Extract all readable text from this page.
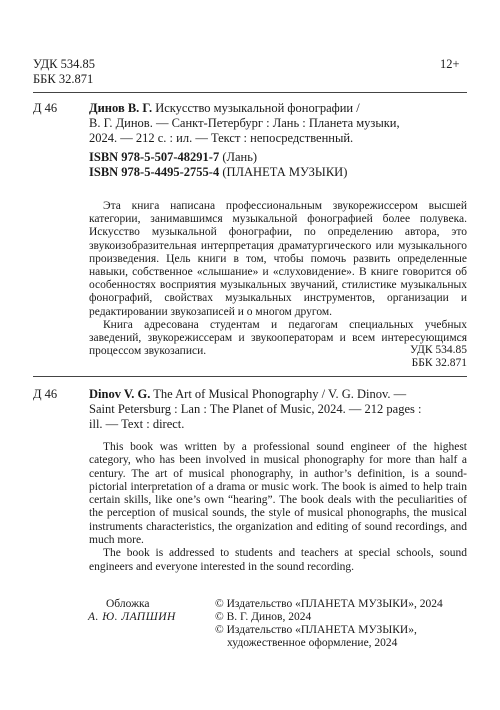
УДК 534.85
ББК 32.871
12+
Д 46	Динов В. Г. Искусство музыкальной фонографии /
В. Г. Динов. — Санкт-Петербург : Лань : Планета музыки,
2024. — 212 с. : ил. — Текст : непосредственный.
ISBN 978-5-507-48291-7 (Лань)
ISBN 978-5-4495-2755-4 (ПЛАНЕТА МУЗЫКИ)

Эта книга написана профессиональным звукорежиссером высшей категории, занимавшимся музыкальной фонографией более полувека. Искусство музыкальной фонографии, по определению автора, это звукоизобразительная интерпретация драматургического или музыкального произведения. Цель книги в том, чтобы помочь развить определенные навыки, собственное «слышание» и «слуховидение». В книге говорится об особенностях восприятия музыкальных звучаний, стилистике музыкальных фонографий, свойствах музыкальных инструментов, организации и редактировании звукозаписей и о многом другом.

Книга адресована студентам и педагогам специальных учебных заведений, звукорежиссерам и звукооператорам и всем интересующимся процессом звукозаписи.	УДК 534.85
ББК 32.871
Д 46	Dinov V. G. The Art of Musical Phonography / V. G. Dinov. —
Saint Petersburg : Lan : The Planet of Music, 2024. — 212 pages :
ill. — Text : direct.

This book was written by a professional sound engineer of the highest category, who has been involved in musical phonography for more than half a century. The art of musical phonography, in author’s definition, is a sound-pictorial interpretation of a drama or music work. The book is aimed to help train certain skills, like one’s own “hearing”. The book deals with the peculiarities of the perception of musical sounds, the style of musical phonographs, the musical instruments characteristics, the organization and editing of sound recordings, and much more.

The book is addressed to students and teachers at special schools, sound engineers and everyone interested in the sound recording.

Обложка
А. Ю. ЛАПШИН
© Издательство «ПЛАНЕТА МУЗЫКИ», 2024
© В. Г. Динов, 2024
© Издательство «ПЛАНЕТА МУЗЫКИ», художественное оформление, 2024
